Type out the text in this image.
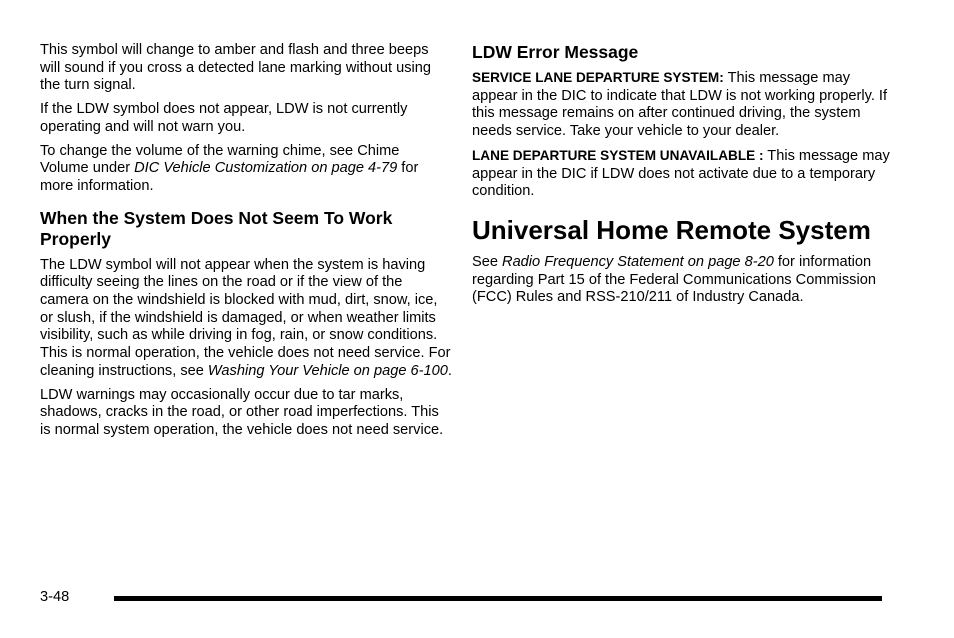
This symbol will change to amber and flash and three beeps will sound if you cross a detected lane marking without using the turn signal.

If the LDW symbol does not appear, LDW is not currently operating and will not warn you.

To change the volume of the warning chime, see Chime Volume under DIC Vehicle Customization on page 4-79 for more information.

When the System Does Not Seem To Work Properly

The LDW symbol will not appear when the system is having difficulty seeing the lines on the road or if the view of the camera on the windshield is blocked with mud, dirt, snow, ice, or slush, if the windshield is damaged, or when weather limits visibility, such as while driving in fog, rain, or snow conditions. This is normal operation, the vehicle does not need service. For cleaning instructions, see Washing Your Vehicle on page 6-100.

LDW warnings may occasionally occur due to tar marks, shadows, cracks in the road, or other road imperfections. This is normal system operation, the vehicle does not need service.

LDW Error Message

SERVICE LANE DEPARTURE SYSTEM: This message may appear in the DIC to indicate that LDW is not working properly. If this message remains on after continued driving, the system needs service. Take your vehicle to your dealer.

LANE DEPARTURE SYSTEM UNAVAILABLE : This message may appear in the DIC if LDW does not activate due to a temporary condition.

Universal Home Remote System

See Radio Frequency Statement on page 8-20 for information regarding Part 15 of the Federal Communications Commission (FCC) Rules and RSS-210/211 of Industry Canada.

3-48
